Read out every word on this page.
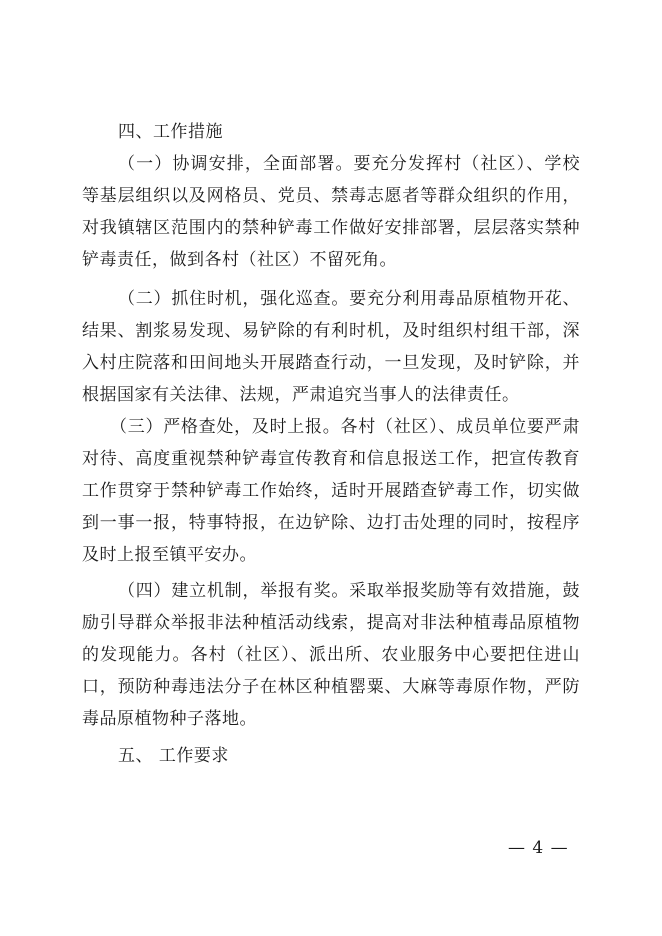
四、工作措施
（一）协调安排，全面部署。要充分发挥村（社区）、学校等基层组织以及网格员、党员、禁毒志愿者等群众组织的作用，对我镇辖区范围内的禁种铲毒工作做好安排部署，层层落实禁种铲毒责任，做到各村（社区）不留死角。
（二）抓住时机，强化巡查。要充分利用毒品原植物开花、结果、割浆易发现、易铲除的有利时机，及时组织村组干部，深入村庄院落和田间地头开展踏查行动，一旦发现，及时铲除，并根据国家有关法律、法规，严肃追究当事人的法律责任。
（三）严格查处，及时上报。各村（社区）、成员单位要严肃对待、高度重视禁种铲毒宣传教育和信息报送工作，把宣传教育工作贯穿于禁种铲毒工作始终，适时开展踏查铲毒工作，切实做到一事一报，特事特报，在边铲除、边打击处理的同时，按程序及时上报至镇平安办。
（四）建立机制，举报有奖。采取举报奖励等有效措施，鼓励引导群众举报非法种植活动线索，提高对非法种植毒品原植物的发现能力。各村（社区）、派出所、农业服务中心要把住进山口，预防种毒违法分子在林区种植罂粟、大麻等毒原作物，严防毒品原植物种子落地。
五、 工作要求
— 4 —
